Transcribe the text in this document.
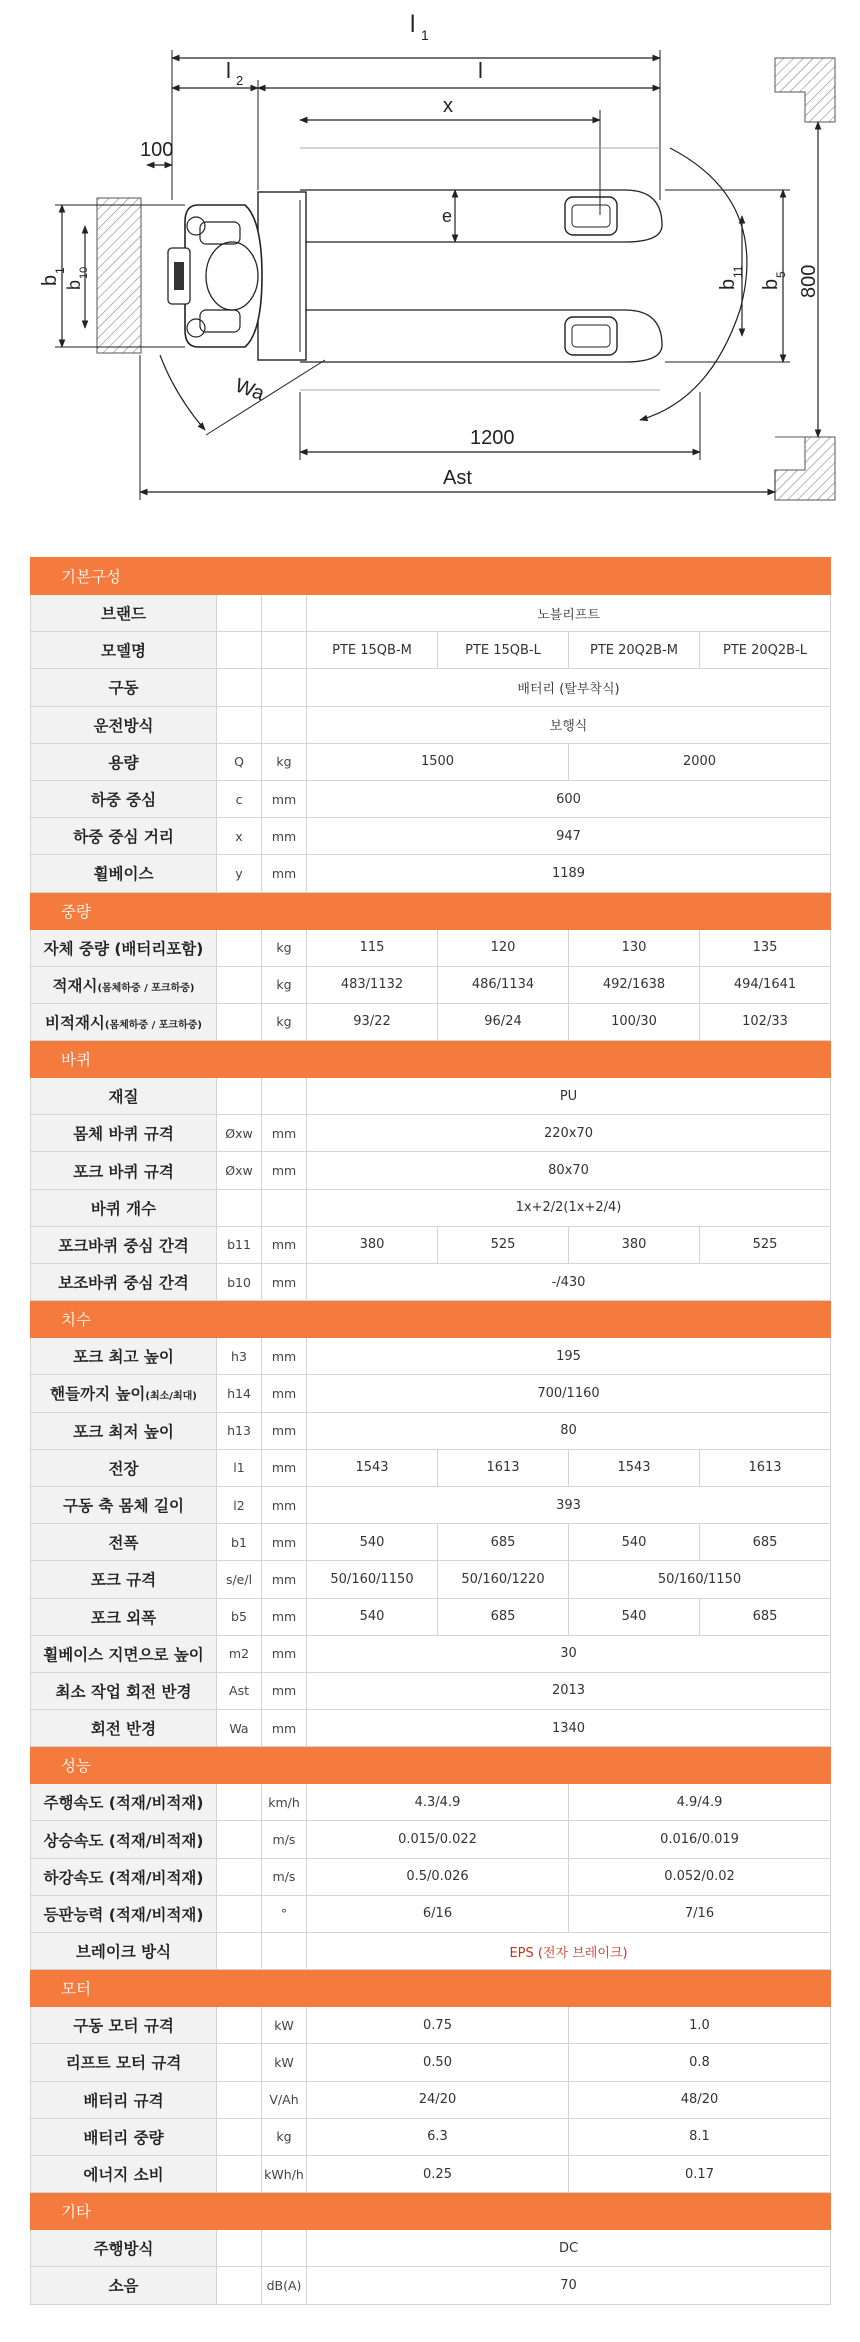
l 1
l 2	l
x
100
e
b
1
b
10
b
11
b
5 800
Wa
1200
Ast
기본구성						
브랜드			노블리프트			
모델명			PTE 15QB-M	PTE 15QB-L	PTE 20Q2B-M	PTE 20Q2B-L
구동			배터리 (탈부착식)			
운전방식			보행식			
용량	Q	kg	1500		2000	
하중 중심	c	mm	600			
하중 중심 거리	x	mm	947			
휠베이스	y	mm	1189			
중량						
자체 중량 (배터리포함)		kg	115	120	130	135
적재시(몸체하중 / 포크하중)		kg	483/1132	486/1134	492/1638	494/1641
비적재시(몸체하중 / 포크하중)		kg	93/22	96/24	100/30	102/33
바퀴						
재질			PU			
몸체 바퀴 규격	Øxw	mm	220x70			
포크 바퀴 규격	Øxw	mm	80x70			
바퀴 개수			1x+2/2(1x+2/4)			
포크바퀴 중심 간격	b11	mm	380	525	380	525
보조바퀴 중심 간격	b10	mm	-/430			
치수						
포크 최고 높이	h3	mm	195			
핸들까지 높이(최소/최대)	h14	mm	700/1160			
포크 최저 높이	h13	mm	80			
전장	l1	mm	1543	1613	1543	1613
구동 축 몸체 길이	l2	mm	393			
전폭	b1	mm	540	685	540	685
포크 규격	s/e/l	mm	50/160/1150	50/160/1220	50/160/1150	
포크 외폭	b5	mm	540	685	540	685
휠베이스 지면으로 높이	m2	mm	30			
최소 작업 회전 반경	Ast	mm	2013			
회전 반경	Wa	mm	1340			
성능						
주행속도 (적재/비적재)		km/h	4.3/4.9		4.9/4.9	
상승속도 (적재/비적재)		m/s	0.015/0.022		0.016/0.019	
하강속도 (적재/비적재)		m/s	0.5/0.026		0.052/0.02	
등판능력 (적재/비적재)		°	6/16		7/16	
브레이크 방식			EPS (전자 브레이크)			
모터						
구동 모터 규격		kW	0.75		1.0	
리프트 모터 규격		kW	0.50		0.8	
배터리 규격		V/Ah	24/20		48/20	
배터리 중량		kg	6.3		8.1	
에너지 소비		kWh/h	0.25		0.17	
기타						
주행방식			DC			
소음		dB(A)	70			
